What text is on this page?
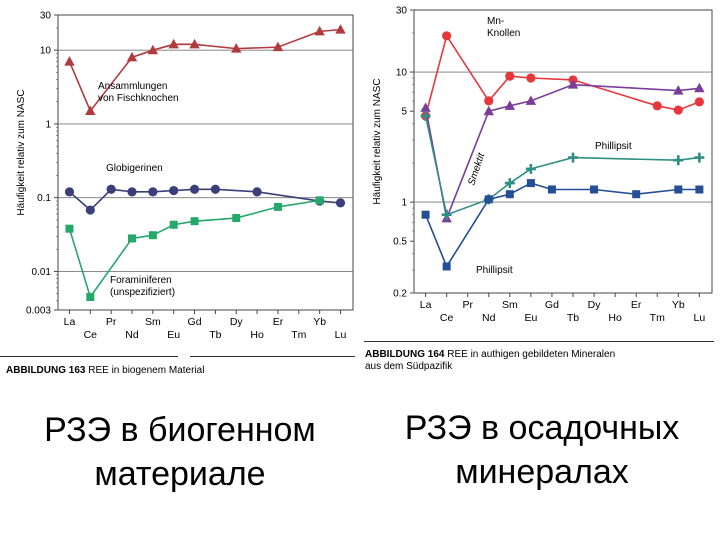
30
10
1
0.1
0.01
0.003
Häufigkeit relativ zum NASC
La
Ce
Pr
Nd
Sm
Eu
Gd
Tb
Dy
Ho
Er
Tm
Yb
Lu
Ansammlungen
von Fischknochen
Globigerinen
Foraminiferen
(unspezifiziert)
30
10
5
1
0.5
0.2
Häufigkeit relativ zum NASC
La
Ce
Pr
Nd
Sm
Eu
Gd
Tb
Dy
Ho
Er
Tm
Yb
Lu
Mn-
Knollen
Smektit
Phillipsit
Phillipsit
ABBILDUNG 163 REE in biogenem Material
ABBILDUNG 164 REE in authigen gebildeten Mineralen
aus dem Südpazifik
РЗЭ в биогенном
материале
РЗЭ в осадочных
минералах
